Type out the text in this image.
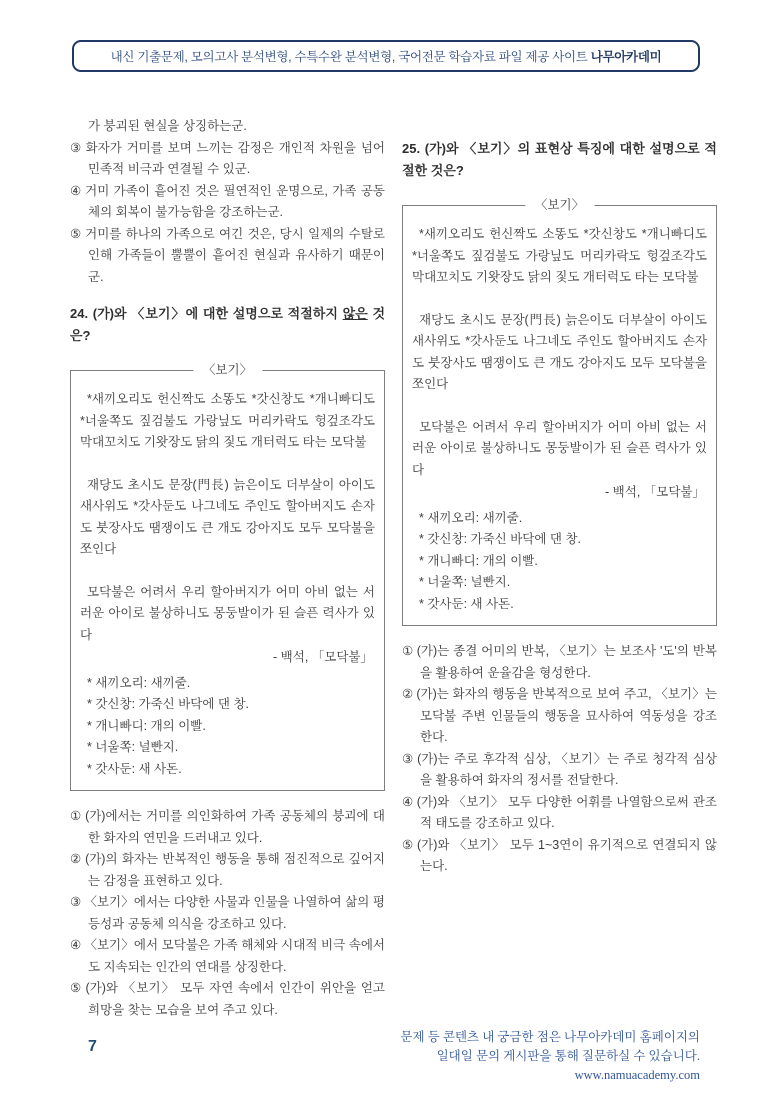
내신 기출문제, 모의고사 분석변형, 수특수완 분석변형, 국어전문 학습자료 파일 제공 사이트 나무아카데미

가 붕괴된 현실을 상징하는군.

③ 화자가 거미를 보며 느끼는 감정은 개인적 차원을 넘어 민족적 비극과 연결될 수 있군.

④ 거미 가족이 흩어진 것은 필연적인 운명으로, 가족 공동체의 회복이 불가능함을 강조하는군.

⑤ 거미를 하나의 가족으로 여긴 것은, 당시 일제의 수탈로 인해 가족들이 뿔뿔이 흩어진 현실과 유사하기 때문이군.

24. (가)와 〈보기〉에 대한 설명으로 적절하지 않은 것은?
〈보기〉

*새끼오리도 헌신짝도 소똥도 *갓신창도 *개니빠디도 *너울쪽도 짚검불도 가랑닢도 머리카락도 헝겊조각도 막대꼬치도 기왓장도 닭의 짗도 개터럭도 타는 모닥불

재당도 초시도 문장(門長) 늙은이도 더부살이 아이도 새사위도 *갓사둔도 나그네도 주인도 할아버지도 손자도 붓장사도 땜쟁이도 큰 개도 강아지도 모두 모닥불을 쪼인다

모닥불은 어려서 우리 할아버지가 어미 아비 없는 서러운 아이로 불상하니도 몽둥발이가 된 슬픈 력사가 있다

- 백석, 「모닥불」

* 새끼오리: 새끼줄.

* 갓신창: 가죽신 바닥에 댄 창.

* 개니빠디: 개의 이빨.

* 너울쪽: 널빤지.

* 갓사둔: 새 사돈.

① (가)에서는 거미를 의인화하여 가족 공동체의 붕괴에 대한 화자의 연민을 드러내고 있다.

② (가)의 화자는 반복적인 행동을 통해 점진적으로 깊어지는 감정을 표현하고 있다.

③ 〈보기〉에서는 다양한 사물과 인물을 나열하여 삶의 평등성과 공동체 의식을 강조하고 있다.

④ 〈보기〉에서 모닥불은 가족 해체와 시대적 비극 속에서도 지속되는 인간의 연대를 상징한다.

⑤ (가)와 〈보기〉 모두 자연 속에서 인간이 위안을 얻고 희망을 찾는 모습을 보여 주고 있다.

25. (가)와 〈보기〉의 표현상 특징에 대한 설명으로 적절한 것은?
〈보기〉

*새끼오리도 헌신짝도 소똥도 *갓신창도 *개니빠디도 *너울쪽도 짚검불도 가랑닢도 머리카락도 헝겊조각도 막대꼬치도 기왓장도 닭의 짗도 개터럭도 타는 모닥불

재당도 초시도 문장(門長) 늙은이도 더부살이 아이도 새사위도 *갓사둔도 나그네도 주인도 할아버지도 손자도 붓장사도 땜쟁이도 큰 개도 강아지도 모두 모닥불을 쪼인다

모닥불은 어려서 우리 할아버지가 어미 아비 없는 서러운 아이로 불상하니도 몽둥발이가 된 슬픈 력사가 있다

- 백석, 「모닥불」

* 새끼오리: 새끼줄.

* 갓신창: 가죽신 바닥에 댄 창.

* 개니빠디: 개의 이빨.

* 너울쪽: 널빤지.

* 갓사둔: 새 사돈.

① (가)는 종결 어미의 반복, 〈보기〉는 보조사 '도'의 반복을 활용하여 운율감을 형성한다.

② (가)는 화자의 행동을 반복적으로 보여 주고, 〈보기〉는 모닥불 주변 인물들의 행동을 묘사하여 역동성을 강조한다.

③ (가)는 주로 후각적 심상, 〈보기〉는 주로 청각적 심상을 활용하여 화자의 정서를 전달한다.

④ (가)와 〈보기〉 모두 다양한 어휘를 나열함으로써 관조적 태도를 강조하고 있다.

⑤ (가)와 〈보기〉 모두 1~3연이 유기적으로 연결되지 않는다.

7
문제 등 콘텐츠 내 궁금한 점은 나무아카데미 홈페이지의
일대일 문의 게시판을 통해 질문하실 수 있습니다.
www.namuacademy.com
